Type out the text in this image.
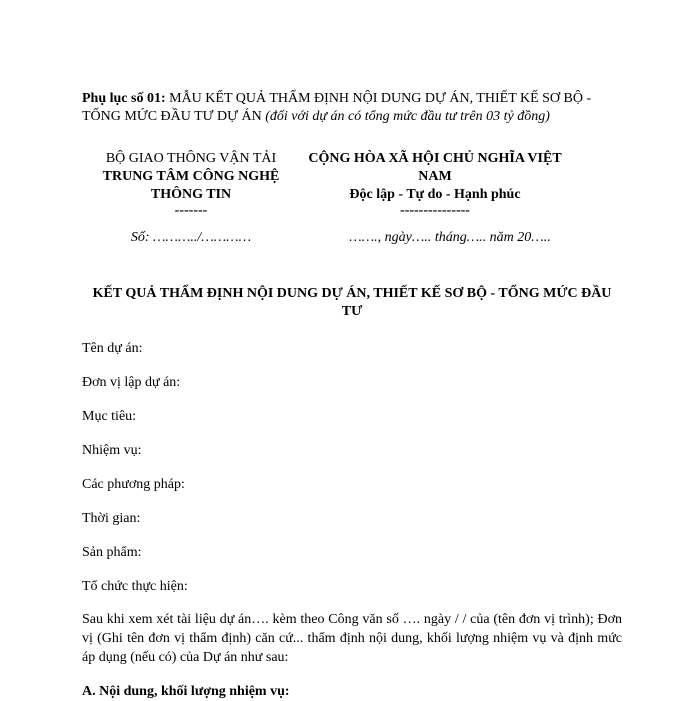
Phụ lục số 01: MẪU KẾT QUẢ THẨM ĐỊNH NỘI DUNG DỰ ÁN, THIẾT KẾ SƠ BỘ - TỔNG MỨC ĐẦU TƯ DỰ ÁN (đối với dự án có tổng mức đầu tư trên 03 tỷ đồng)
BỘ GIAO THÔNG VẬN TẢI
TRUNG TÂM CÔNG NGHỆ THÔNG TIN
-------
CỘNG HÒA XÃ HỘI CHỦ NGHĨA VIỆT NAM
Độc lập - Tự do - Hạnh phúc
---------------
Số: ………../…………	……., ngày….. tháng….. năm 20…..
KẾT QUẢ THẨM ĐỊNH NỘI DUNG DỰ ÁN, THIẾT KẾ SƠ BỘ - TỔNG MỨC ĐẦU TƯ
Tên dự án:
Đơn vị lập dự án:
Mục tiêu:
Nhiệm vụ:
Các phương pháp:
Thời gian:
Sản phẩm:
Tổ chức thực hiện:
Sau khi xem xét tài liệu dự án…. kèm theo Công văn số …. ngày / / của (tên đơn vị trình); Đơn vị (Ghi tên đơn vị thẩm định) căn cứ... thẩm định nội dung, khối lượng nhiệm vụ và định mức áp dụng (nếu có) của Dự án như sau:
A. Nội dung, khối lượng nhiệm vụ:
